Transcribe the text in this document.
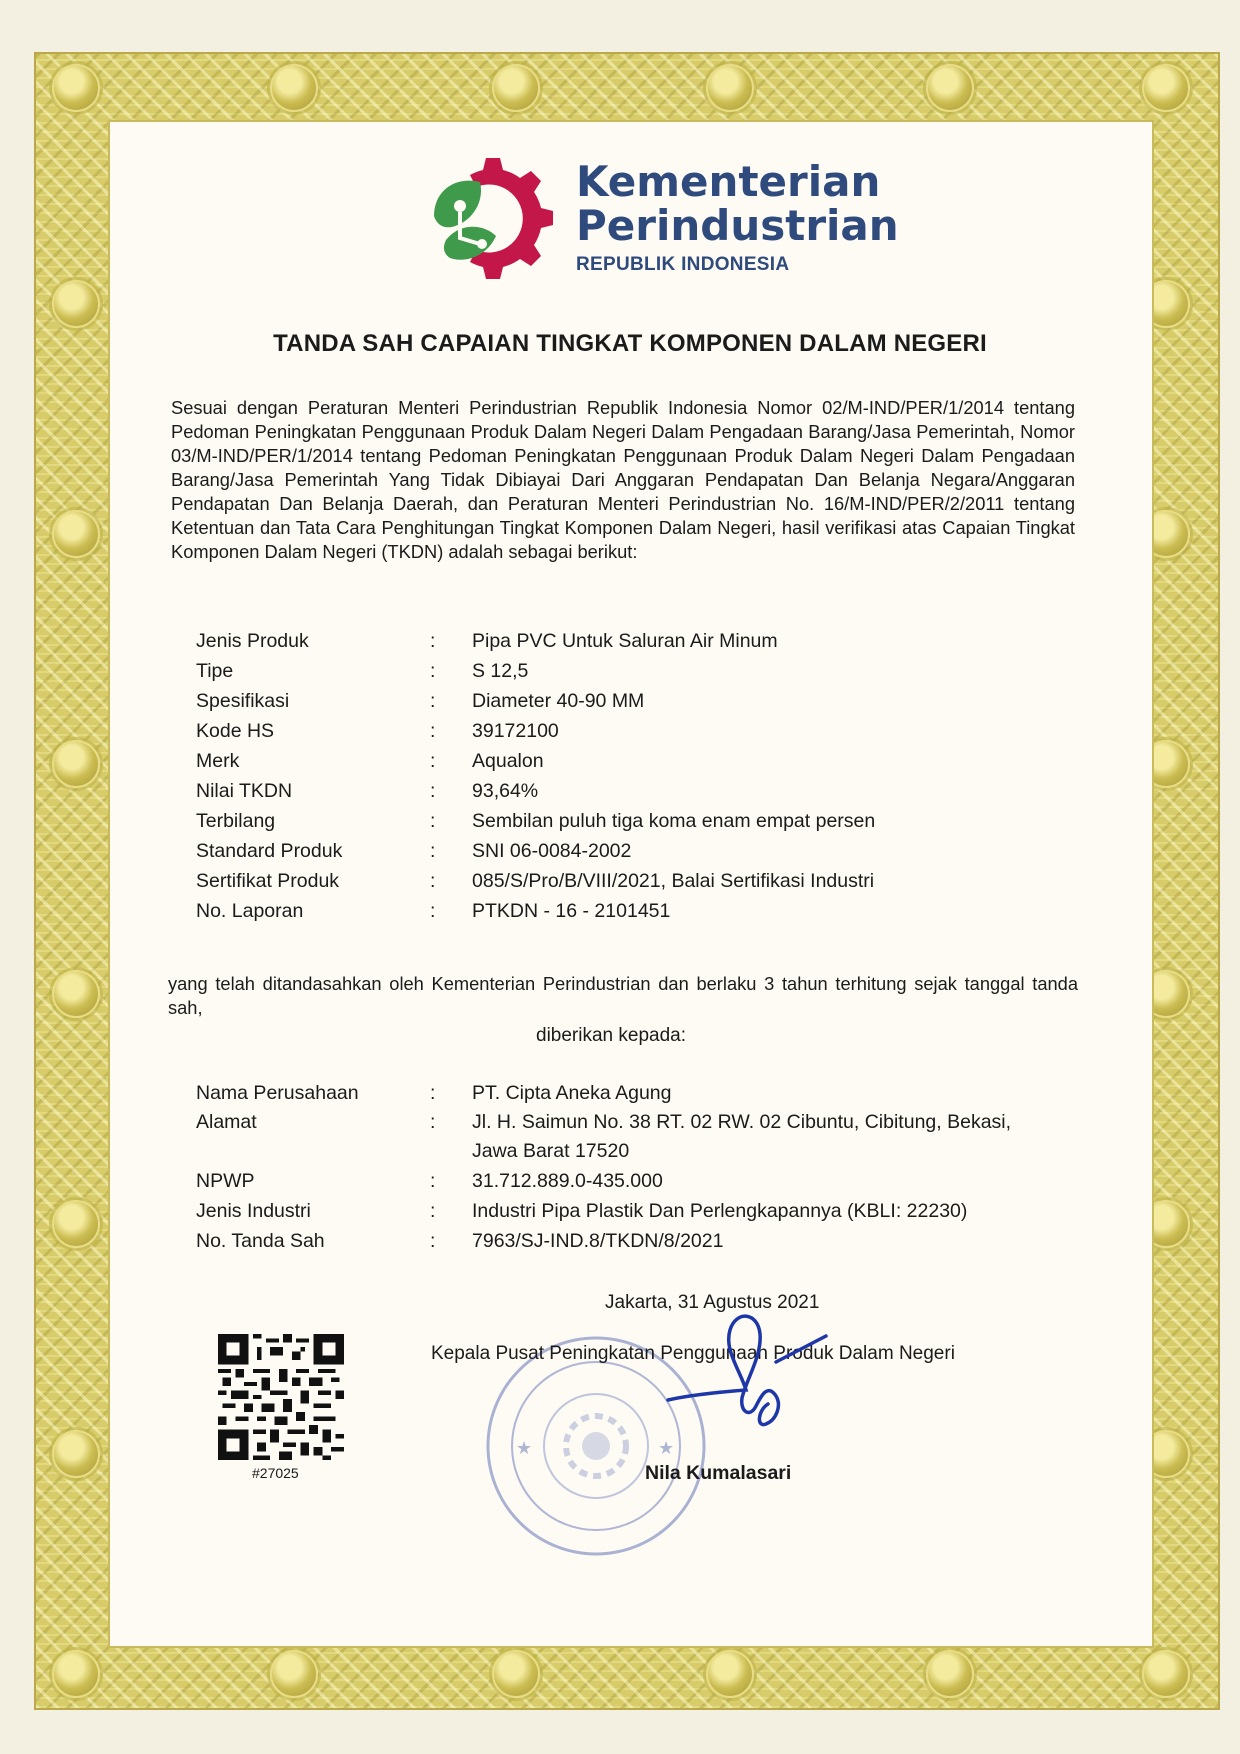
Kementerian
Perindustrian
REPUBLIK INDONESIA
TANDA SAH CAPAIAN TINGKAT KOMPONEN DALAM NEGERI
Sesuai dengan Peraturan Menteri Perindustrian Republik Indonesia Nomor 02/M-IND/PER/1/2014 tentang Pedoman Peningkatan Penggunaan Produk Dalam Negeri Dalam Pengadaan Barang/Jasa Pemerintah, Nomor 03/M-IND/PER/1/2014 tentang Pedoman Peningkatan Penggunaan Produk Dalam Negeri Dalam Pengadaan Barang/Jasa Pemerintah Yang Tidak Dibiayai Dari Anggaran Pendapatan Dan Belanja Negara/Anggaran Pendapatan Dan Belanja Daerah, dan Peraturan Menteri Perindustrian No. 16/M-IND/PER/2/2011 tentang Ketentuan dan Tata Cara Penghitungan Tingkat Komponen Dalam Negeri, hasil verifikasi atas Capaian Tingkat Komponen Dalam Negeri (TKDN) adalah sebagai berikut:
Jenis Produk	:	Pipa PVC Untuk Saluran Air Minum
Tipe	:	S 12,5
Spesifikasi	:	Diameter 40-90 MM
Kode HS	:	39172100
Merk	:	Aqualon
Nilai TKDN	:	93,64%
Terbilang	:	Sembilan puluh tiga koma enam empat persen
Standard Produk	:	SNI 06-0084-2002
Sertifikat Produk	:	085/S/Pro/B/VIII/2021, Balai Sertifikasi Industri
No. Laporan	:	PTKDN - 16 - 2101451
yang telah ditandasahkan oleh Kementerian Perindustrian dan berlaku 3 tahun terhitung sejak tanggal tanda sah,
diberikan kepada:
Nama Perusahaan	:	PT. Cipta Aneka Agung
Alamat	:	Jl. H. Saimun No. 38 RT. 02 RW. 02 Cibuntu, Cibitung, Bekasi, Jawa Barat 17520
NPWP	:	31.712.889.0-435.000
Jenis Industri	:	Industri Pipa Plastik Dan Perlengkapannya (KBLI: 22230)
No. Tanda Sah	:	7963/SJ-IND.8/TKDN/8/2021
#27025
★	★
Jakarta, 31 Agustus 2021
Kepala Pusat Peningkatan Penggunaan Produk Dalam Negeri
Nila Kumalasari
